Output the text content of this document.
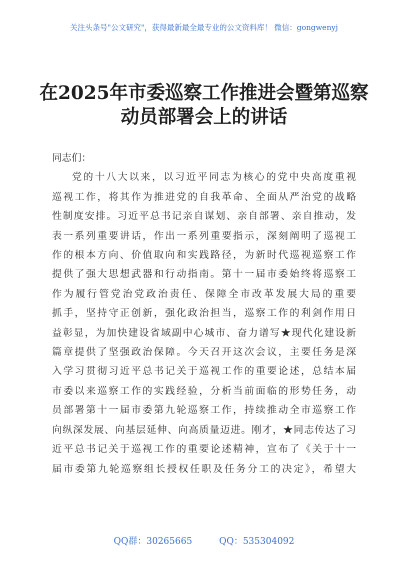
关注头条号"公文研究"，获得最新最全最专业的公文资料库！ 微信：gongwenyj
在2025年市委巡察工作推进会暨第巡察动员部署会上的讲话

同志们：

党的十八大以来，以习近平同志为核心的党中央高度重视

巡视工作，将其作为推进党的自我革命、全面从严治党的战略

性制度安排。习近平总书记亲自谋划、亲自部署、亲自推动，发

表一系列重要讲话，作出一系列重要指示，深刻阐明了巡视工

作的根本方向、价值取向和实践路径，为新时代巡视巡察工作

提供了强大思想武器和行动指南。第十一届市委始终将巡察工

作为履行管党治党政治责任、保障全市改革发展大局的重要

抓手，坚持守正创新，强化政治担当，巡察工作的利剑作用日

益彰显，为加快建设省域副中心城市、奋力谱写★现代化建设新

篇章提供了坚强政治保障。今天召开这次会议，主要任务是深

入学习贯彻习近平总书记关于巡视工作的重要论述，总结本届

市委以来巡察工作的实践经验，分析当前面临的形势任务，动

员部署第十一届市委第九轮巡察工作，持续推动全市巡察工作

向纵深发展、向基层延伸、向高质量迈进。刚才，★同志传达了习

近平总书记关于巡视工作的重要论述精神，宣布了《关于十一

届市委第九轮巡察组长授权任职及任务分工的决定》，希望大

QQ群：30265665	QQ：535304092
